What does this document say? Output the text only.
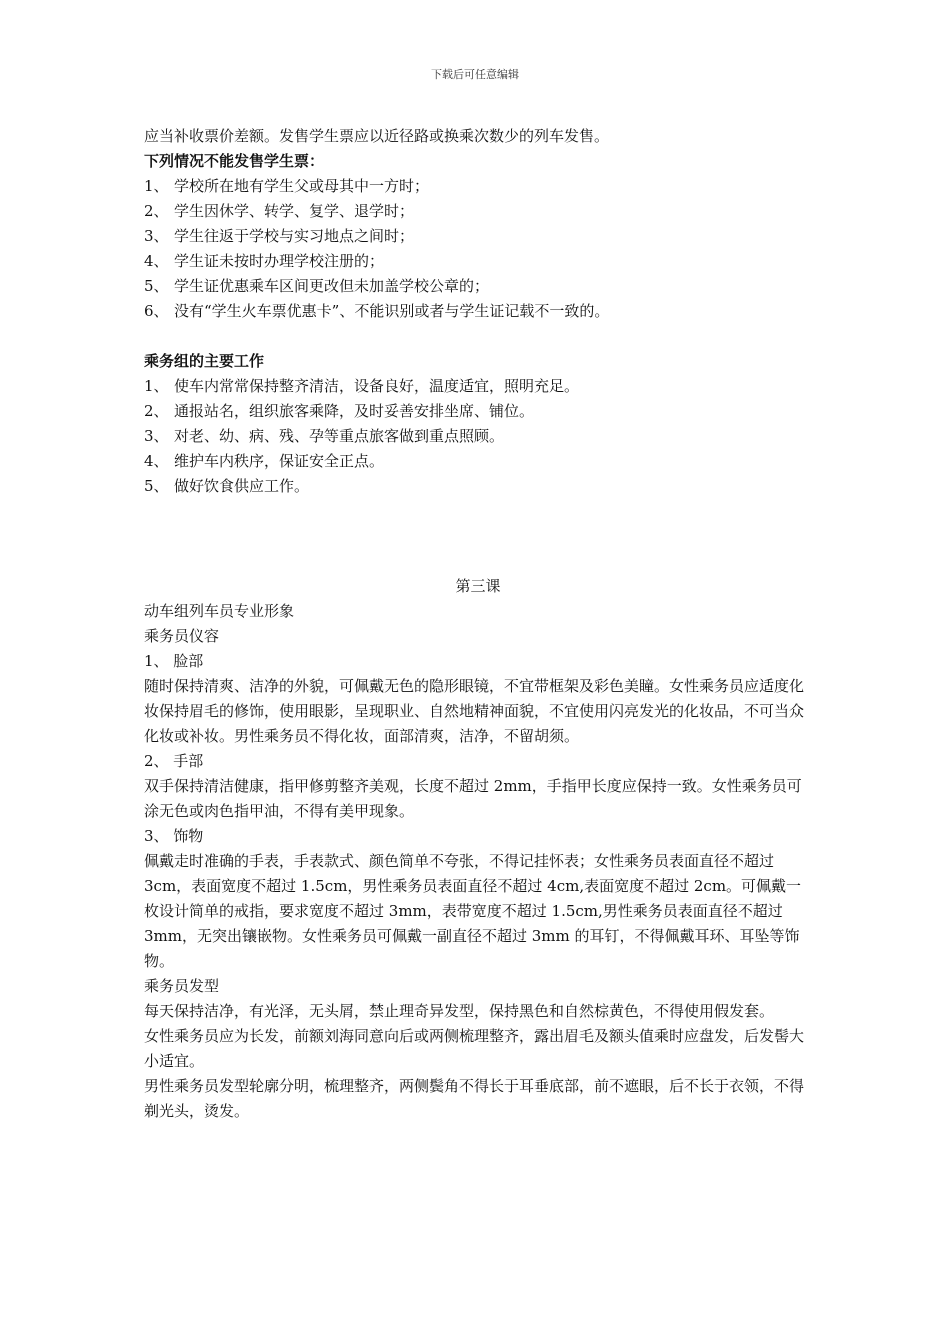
下载后可任意编辑

应当补收票价差额。发售学生票应以近径路或换乘次数少的列车发售。

下列情况不能发售学生票：

1、 学校所在地有学生父或母其中一方时；

2、 学生因休学、转学、复学、退学时；

3、 学生往返于学校与实习地点之间时；

4、 学生证未按时办理学校注册的；

5、 学生证优惠乘车区间更改但未加盖学校公章的；

6、 没有“学生火车票优惠卡”、不能识别或者与学生证记载不一致的。

乘务组的主要工作

1、 使车内常常保持整齐清洁，设备良好，温度适宜，照明充足。

2、 通报站名，组织旅客乘降，及时妥善安排坐席、铺位。

3、 对老、幼、病、残、孕等重点旅客做到重点照顾。

4、 维护车内秩序，保证安全正点。

5、 做好饮食供应工作。

第三课

动车组列车员专业形象

乘务员仪容

1、 脸部

随时保持清爽、洁净的外貌，可佩戴无色的隐形眼镜，不宜带框架及彩色美瞳。女性乘务员应适度化妆保持眉毛的修饰，使用眼影，呈现职业、自然地精神面貌，不宜使用闪亮发光的化妆品，不可当众化妆或补妆。男性乘务员不得化妆，面部清爽，洁净，不留胡须。

2、 手部

双手保持清洁健康，指甲修剪整齐美观，长度不超过 2mm，手指甲长度应保持一致。女性乘务员可涂无色或肉色指甲油，不得有美甲现象。

3、 饰物

佩戴走时准确的手表，手表款式、颜色简单不夸张，不得记挂怀表；女性乘务员表面直径不超过 3cm，表面宽度不超过 1.5cm，男性乘务员表面直径不超过 4cm,表面宽度不超过 2cm。可佩戴一枚设计简单的戒指，要求宽度不超过 3mm，表带宽度不超过 1.5cm,男性乘务员表面直径不超过 3mm，无突出镶嵌物。女性乘务员可佩戴一副直径不超过 3mm 的耳钉，不得佩戴耳环、耳坠等饰物。

乘务员发型

每天保持洁净，有光泽，无头屑，禁止理奇异发型，保持黑色和自然棕黄色，不得使用假发套。

女性乘务员应为长发，前额刘海同意向后或两侧梳理整齐，露出眉毛及额头值乘时应盘发，后发髻大小适宜。

男性乘务员发型轮廓分明，梳理整齐，两侧鬓角不得长于耳垂底部，前不遮眼，后不长于衣领，不得剃光头，烫发。
